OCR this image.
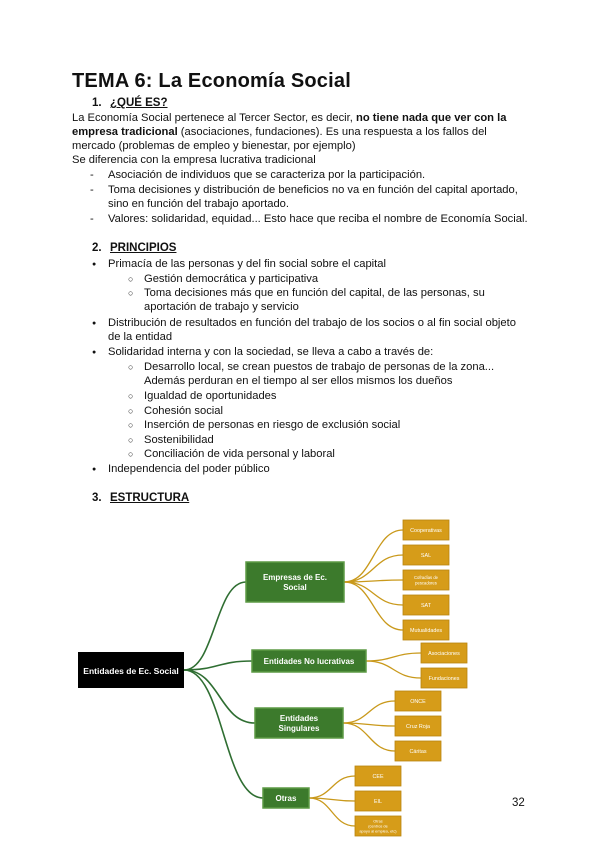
TEMA 6: La Economía Social
1. ¿QUÉ ES?
La Economía Social pertenece al Tercer Sector, es decir, no tiene nada que ver con la
empresa tradicional (asociaciones, fundaciones). Es una respuesta a los fallos del
mercado (problemas de empleo y bienestar, por ejemplo)
Se diferencia con la empresa lucrativa tradicional
- Asociación de individuos que se caracteriza por la participación.
- Toma decisiones y distribución de beneficios no va en función del capital aportado,
sino en función del trabajo aportado.
- Valores: solidaridad, equidad... Esto hace que reciba el nombre de Economía Social.
2. PRINCIPIOS
● Primacía de las personas y del fin social sobre el capital
○ Gestión democrática y participativa
○ Toma decisiones más que en función del capital, de las personas, su
aportación de trabajo y servicio
● Distribución de resultados en función del trabajo de los socios o al fin social objeto
de la entidad
● Solidaridad interna y con la sociedad, se lleva a cabo a través de:
○ Desarrollo local, se crean puestos de trabajo de personas de la zona...
Además perduran en el tiempo al ser ellos mismos los dueños
○ Igualdad de oportunidades
○ Cohesión social
○ Inserción de personas en riesgo de exclusión social
○ Sostenibilidad
○ Conciliación de vida personal y laboral
● Independencia del poder público
3. ESTRUCTURA
Entidades de Ec. Social
Empresas de Ec.
Social
Cooperativas
SAL
Cofradías de
pescadores
SAT
Mutualidades
Entidades No lucrativas
Asociaciones
Fundaciones
Entidades
Singulares
ONCE
Cruz Roja
Cáritas
Otras
CEE
EIL
Otras
(centros de
apoyo al empleo, etc)
32
